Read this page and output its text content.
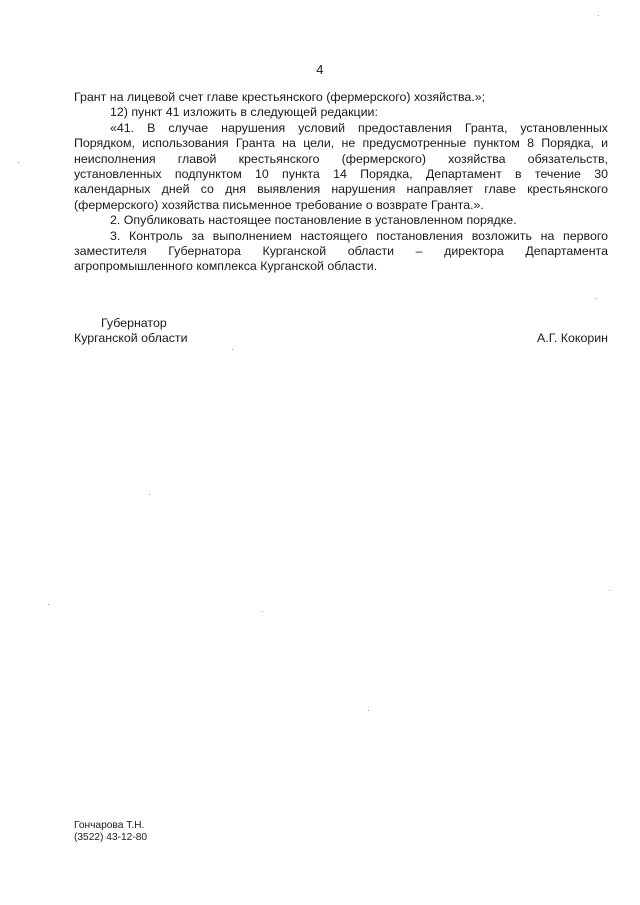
4
Грант на лицевой счет главе крестьянского (фермерского) хозяйства.»;
12) пункт 41 изложить в следующей редакции:
«41. В случае нарушения условий предоставления Гранта, установленных
Порядком, использования Гранта на цели, не предусмотренные пунктом 8 Порядка, и
неисполнения главой крестьянского (фермерского) хозяйства обязательств,
установленных подпунктом 10 пункта 14 Порядка, Департамент в течение 30
календарных дней со дня выявления нарушения направляет главе крестьянского
(фермерского) хозяйства письменное требование о возврате Гранта.».
2. Опубликовать настоящее постановление в установленном порядке.
3. Контроль за выполнением настоящего постановления возложить на первого
заместителя Губернатора Курганской области – директора Департамента
агропромышленного комплекса Курганской области.
Губернатор
Курганской области	А.Г. Кокорин
Гончарова Т.Н.
(3522) 43-12-80
